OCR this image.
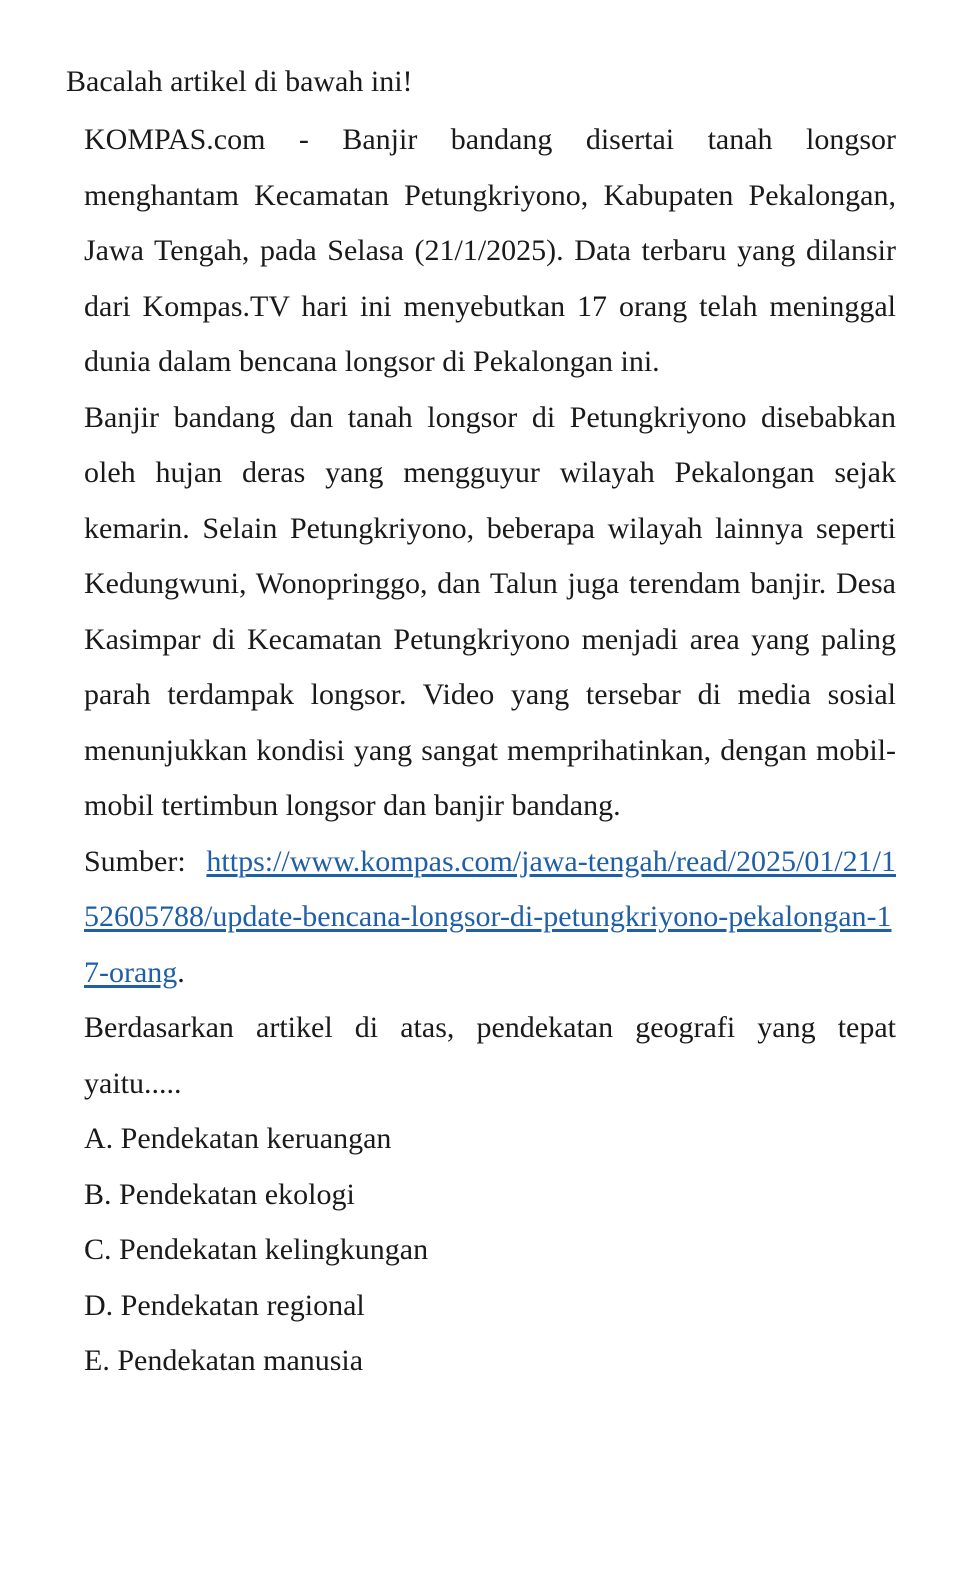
Bacalah artikel di bawah ini!

KOMPAS.com - Banjir bandang disertai tanah longsor menghantam Kecamatan Petungkriyono, Kabupaten Pekalongan, Jawa Tengah, pada Selasa (21/1/2025). Data terbaru yang dilansir dari Kompas.TV hari ini menyebutkan 17 orang telah meninggal dunia dalam bencana longsor di Pekalongan ini.

Banjir bandang dan tanah longsor di Petungkriyono disebabkan oleh hujan deras yang mengguyur wilayah Pekalongan sejak kemarin. Selain Petungkriyono, beberapa wilayah lainnya seperti Kedungwuni, Wonopringgo, dan Talun juga terendam banjir. Desa Kasimpar di Kecamatan Petungkriyono menjadi area yang paling parah terdampak longsor. Video yang tersebar di media sosial menunjukkan kondisi yang sangat memprihatinkan, dengan mobil-mobil tertimbun longsor dan banjir bandang.

Sumber: https://www.kompas.com/jawa-tengah/read/2025/01/21/152605788/update-bencana-longsor-di-petungkriyono-pekalongan-17-orang.

Berdasarkan artikel di atas, pendekatan geografi yang tepat yaitu.....

A. Pendekatan keruangan
B. Pendekatan ekologi
C. Pendekatan kelingkungan
D. Pendekatan regional
E. Pendekatan manusia
